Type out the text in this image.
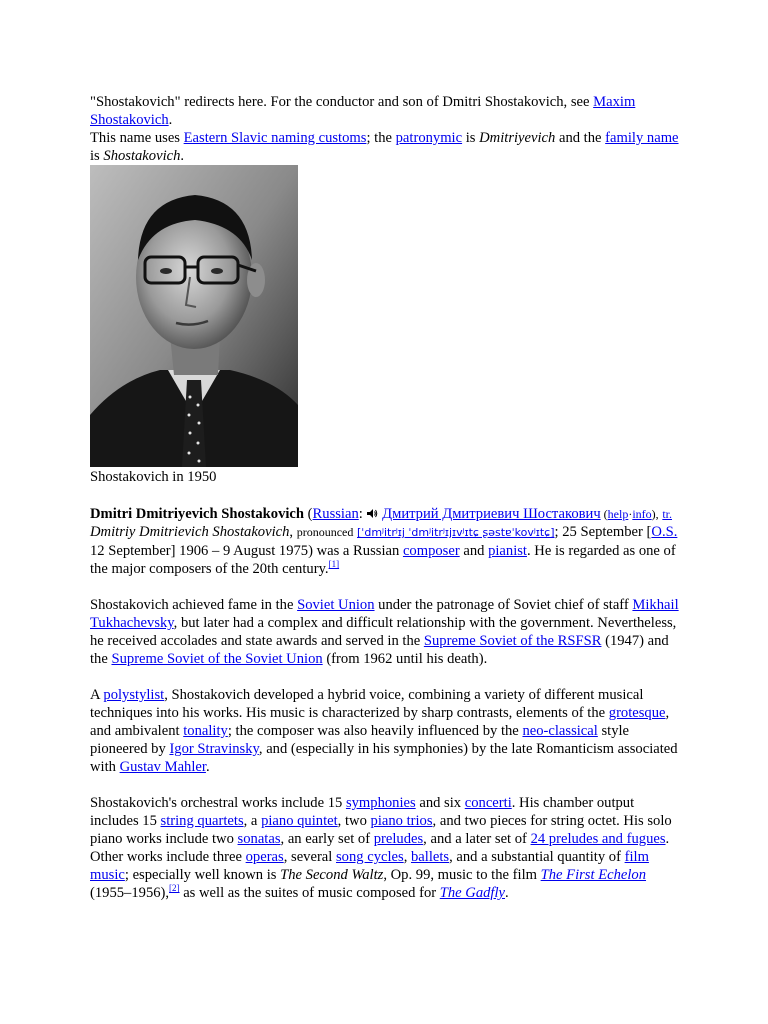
"Shostakovich" redirects here. For the conductor and son of Dmitri Shostakovich, see Maxim Shostakovich.

This name uses Eastern Slavic naming customs; the patronymic is Dmitriyevich and the family name is Shostakovich.

Shostakovich in 1950

Dmitri Dmitriyevich Shostakovich (Russian:  Дмитрий Дмитриевич Шостакович (help·info), tr. Dmitriy Dmitrievich Shostakovich, pronounced [ˈdmʲitrʲɪj ˈdmʲitrʲɪjɪvʲɪtɕ ʂəstɐˈkovʲɪtɕ]; 25 September [O.S. 12 September] 1906 – 9 August 1975) was a Russian composer and pianist. He is regarded as one of the major composers of the 20th century.[1]

Shostakovich achieved fame in the Soviet Union under the patronage of Soviet chief of staff Mikhail Tukhachevsky, but later had a complex and difficult relationship with the government. Nevertheless, he received accolades and state awards and served in the Supreme Soviet of the RSFSR (1947) and the Supreme Soviet of the Soviet Union (from 1962 until his death).

A polystylist, Shostakovich developed a hybrid voice, combining a variety of different musical techniques into his works. His music is characterized by sharp contrasts, elements of the grotesque, and ambivalent tonality; the composer was also heavily influenced by the neo-classical style pioneered by Igor Stravinsky, and (especially in his symphonies) by the late Romanticism associated with Gustav Mahler.

Shostakovich's orchestral works include 15 symphonies and six concerti. His chamber output includes 15 string quartets, a piano quintet, two piano trios, and two pieces for string octet. His solo piano works include two sonatas, an early set of preludes, and a later set of 24 preludes and fugues. Other works include three operas, several song cycles, ballets, and a substantial quantity of film music; especially well known is The Second Waltz, Op. 99, music to the film The First Echelon (1955–1956),[2] as well as the suites of music composed for The Gadfly.
